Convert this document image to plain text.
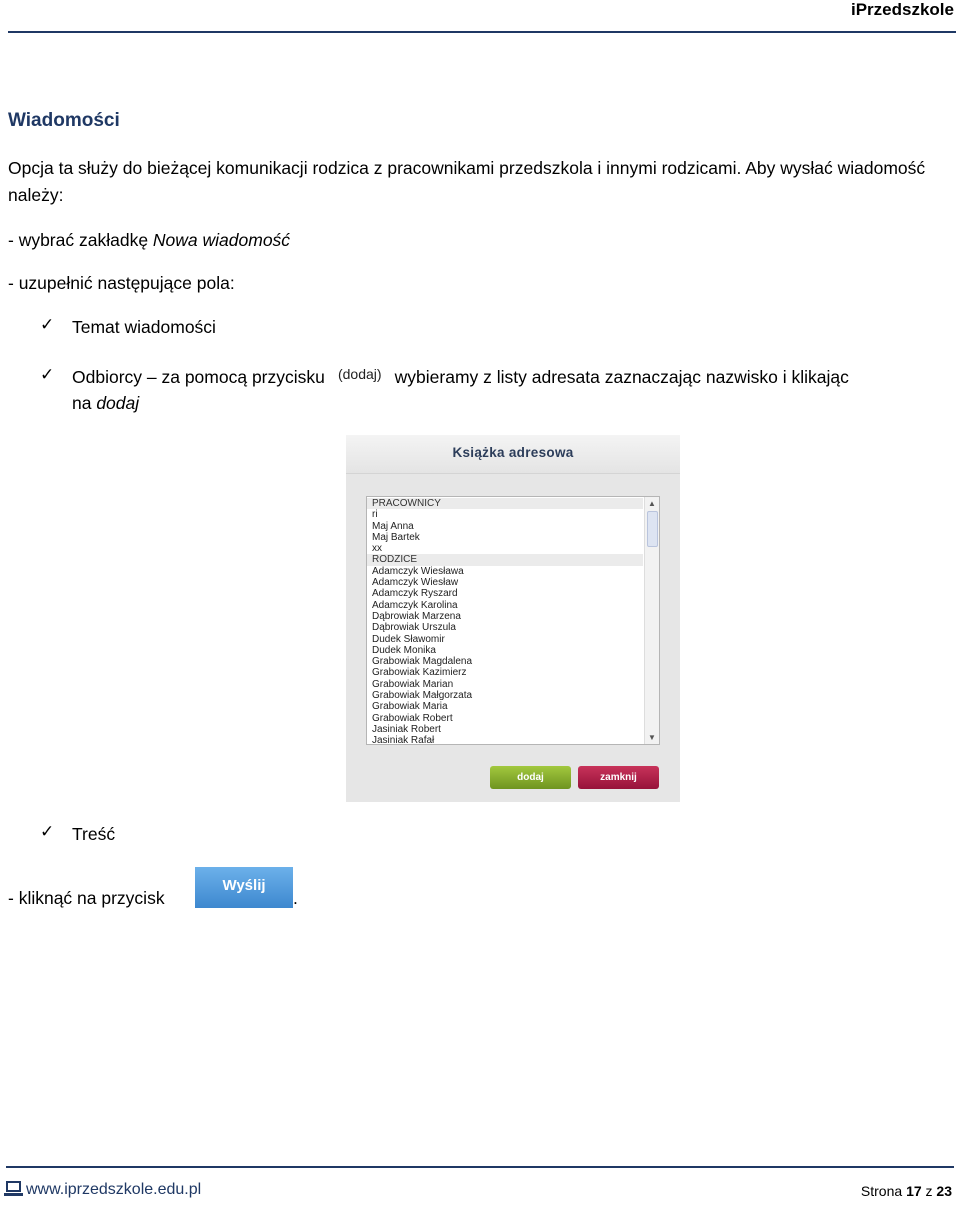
iPrzedszkole
Wiadomości
Opcja ta służy do bieżącej komunikacji rodzica z pracownikami przedszkola i innymi rodzicami. Aby wysłać wiadomość należy:
- wybrać zakładkę Nowa wiadomość
- uzupełnić następujące pola:
✓ Temat wiadomości
✓ Odbiorcy – za pomocą przycisku (dodaj) wybieramy z listy adresata zaznaczając nazwisko i klikając
na dodaj
Książka adresowa
PRACOWNICY
ri
Maj Anna
Maj Bartek
xx
RODZICE
Adamczyk Wiesława
Adamczyk Wiesław
Adamczyk Ryszard
Adamczyk Karolina
Dąbrowiak Marzena
Dąbrowiak Urszula
Dudek Sławomir
Dudek Monika
Grabowiak Magdalena
Grabowiak Kazimierz
Grabowiak Marian
Grabowiak Małgorzata
Grabowiak Maria
Grabowiak Robert
Jasiniak Robert
Jasiniak Rafał
▲
▼
dodaj	zamknij
✓ Treść
- kliknąć na przycisk
Wyślij
.
www.iprzedszkole.edu.pl	Strona 17 z 23
